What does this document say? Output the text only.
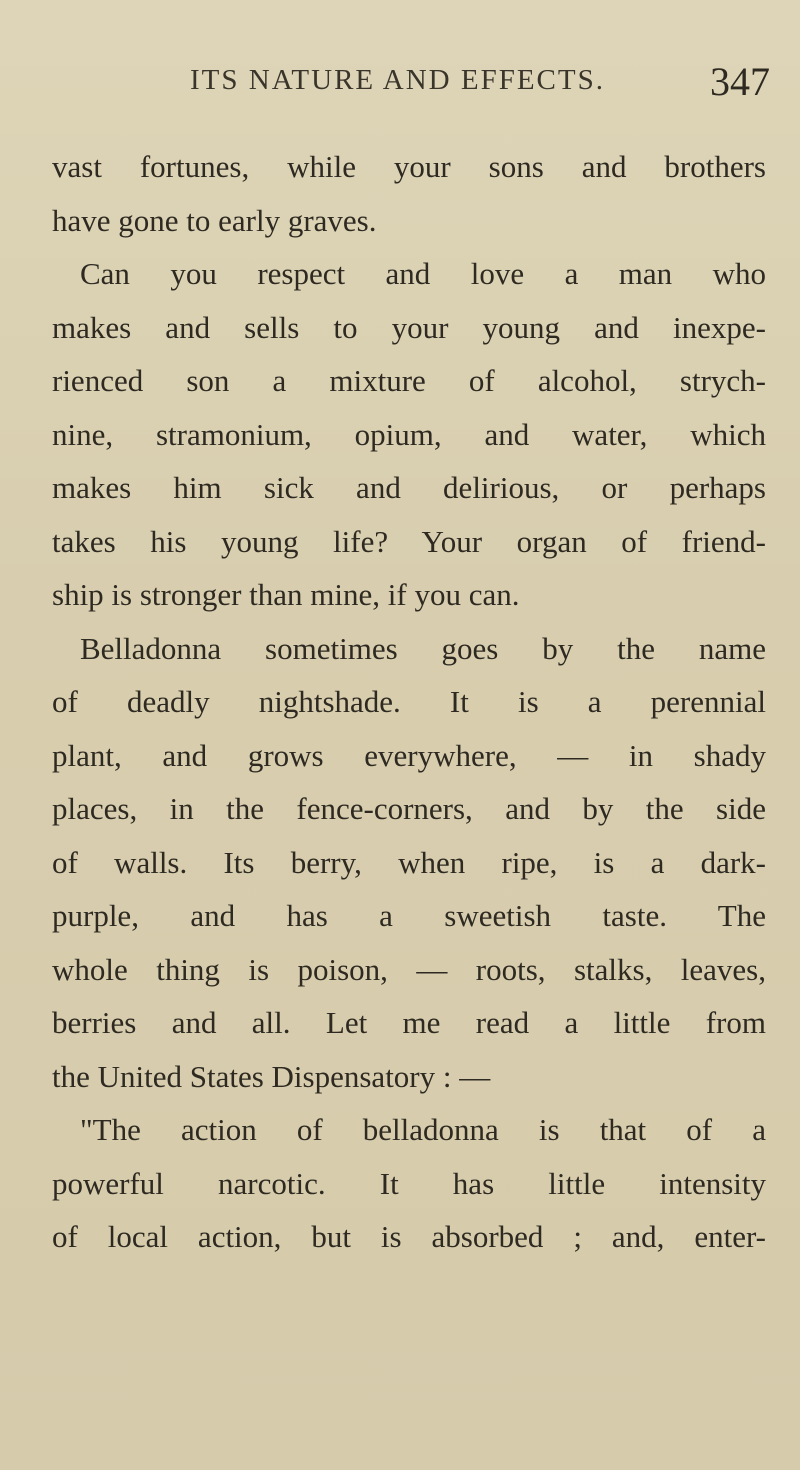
ITS NATURE AND EFFECTS.	347
vast fortunes, while your sons and brothers
have gone to early graves.
Can you respect and love a man who
makes and sells to your young and inexpe-
rienced son a mixture of alcohol, strych-
nine, stramonium, opium, and water, which
makes him sick and delirious, or perhaps
takes his young life? Your organ of friend-
ship is stronger than mine, if you can.
Belladonna sometimes goes by the name
of deadly nightshade. It is a perennial
plant, and grows everywhere, — in shady
places, in the fence-corners, and by the side
of walls. Its berry, when ripe, is a dark-
purple, and has a sweetish taste. The
whole thing is poison, — roots, stalks, leaves,
berries and all. Let me read a little from
the United States Dispensatory : —
"The action of belladonna is that of a
powerful narcotic. It has little intensity
of local action, but is absorbed ; and, enter-
